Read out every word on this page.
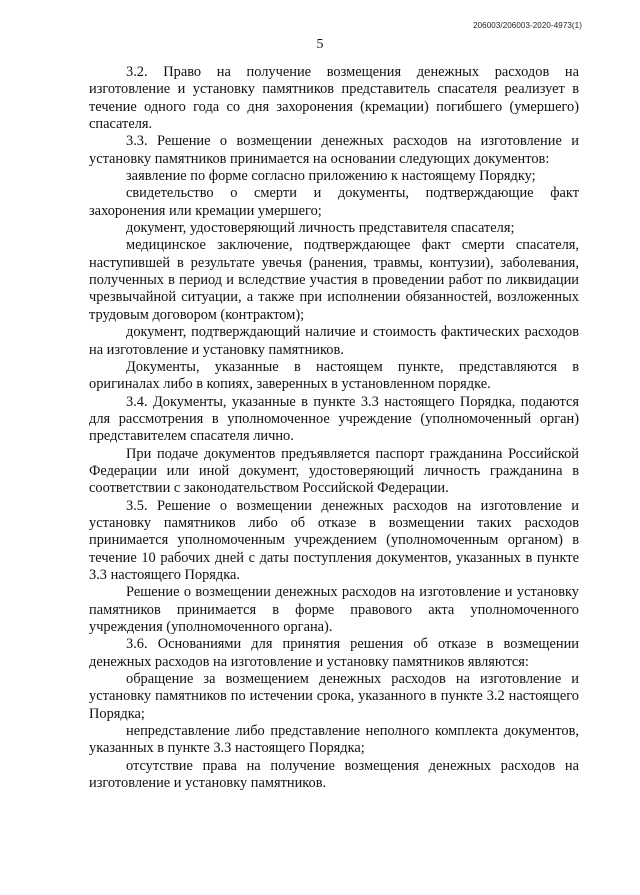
206003/206003-2020-4973(1)
5

3.2. Право на получение возмещения денежных расходов на изготовление и установку памятников представитель спасателя реализует в течение одного года со дня захоронения (кремации) погибшего (умершего) спасателя.

3.3. Решение о возмещении денежных расходов на изготовление и установку памятников принимается на основании следующих документов:

заявление по форме согласно приложению к настоящему Порядку;

свидетельство о смерти и документы, подтверждающие факт захоронения или кремации умершего;

документ, удостоверяющий личность представителя спасателя;

медицинское заключение, подтверждающее факт смерти спасателя, наступившей в результате увечья (ранения, травмы, контузии), заболевания, полученных в период и вследствие участия в проведении работ по ликвидации чрезвычайной ситуации, а также при исполнении обязанностей, возложенных трудовым договором (контрактом);

документ, подтверждающий наличие и стоимость фактических расходов на изготовление и установку памятников.

Документы, указанные в настоящем пункте, представляются в оригиналах либо в копиях, заверенных в установленном порядке.

3.4. Документы, указанные в пункте 3.3 настоящего Порядка, подаются для рассмотрения в уполномоченное учреждение (уполномоченный орган) представителем спасателя лично.

При подаче документов предъявляется паспорт гражданина Российской Федерации или иной документ, удостоверяющий личность гражданина в соответствии с законодательством Российской Федерации.

3.5. Решение о возмещении денежных расходов на изготовление и установку памятников либо об отказе в возмещении таких расходов принимается уполномоченным учреждением (уполномоченным органом) в течение 10 рабочих дней с даты поступления документов, указанных в пункте 3.3 настоящего Порядка.

Решение о возмещении денежных расходов на изготовление и установку памятников принимается в форме правового акта уполномоченного учреждения (уполномоченного органа).

3.6. Основаниями для принятия решения об отказе в возмещении денежных расходов на изготовление и установку памятников являются:

обращение за возмещением денежных расходов на изготовление и установку памятников по истечении срока, указанного в пункте 3.2 настоящего Порядка;

непредставление либо представление неполного комплекта документов, указанных в пункте 3.3 настоящего Порядка;

отсутствие права на получение возмещения денежных расходов на изготовление и установку памятников.
